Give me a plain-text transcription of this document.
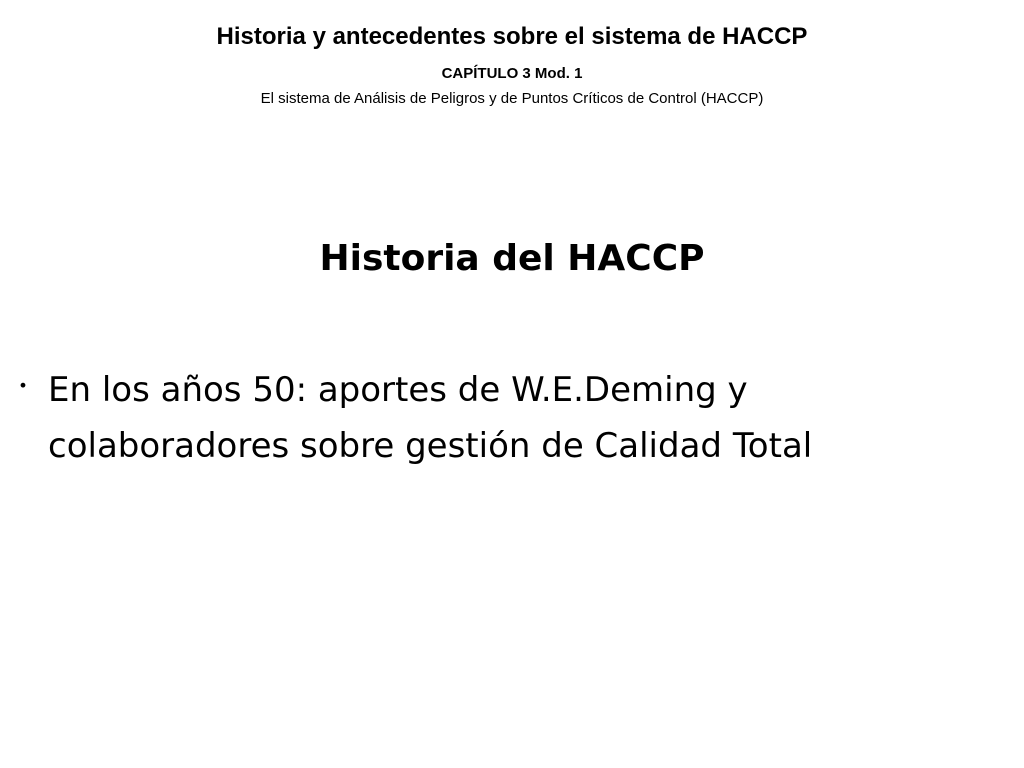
Historia y antecedentes sobre el sistema de HACCP
CAPÍTULO 3 Mod. 1
El sistema de Análisis de Peligros y de Puntos Críticos de Control (HACCP)
Historia del HACCP
・ En los años 50: aportes de W.E.Deming y
colaboradores sobre gestión de Calidad Total
